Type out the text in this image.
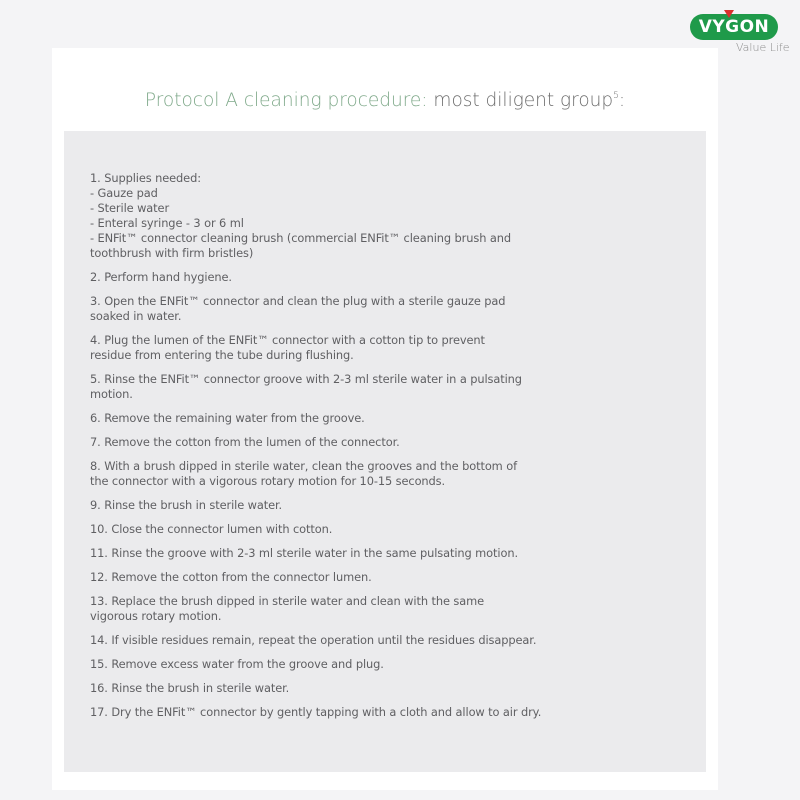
VYGON
Value Life
Protocol A cleaning procedure: most diligent group$^5$:
1. Supplies needed:
- Gauze pad
- Sterile water
- Enteral syringe - 3 or 6 ml
- ENFit™ connector cleaning brush (commercial ENFit™ cleaning brush and
toothbrush with firm bristles)
2. Perform hand hygiene.
3. Open the ENFit™ connector and clean the plug with a sterile gauze pad
soaked in water.
4. Plug the lumen of the ENFit™ connector with a cotton tip to prevent
residue from entering the tube during flushing.
5. Rinse the ENFit™ connector groove with 2-3 ml sterile water in a pulsating
motion.
6. Remove the remaining water from the groove.
7. Remove the cotton from the lumen of the connector.
8. With a brush dipped in sterile water, clean the grooves and the bottom of
the connector with a vigorous rotary motion for 10-15 seconds.
9. Rinse the brush in sterile water.
10. Close the connector lumen with cotton.
11. Rinse the groove with 2-3 ml sterile water in the same pulsating motion.
12. Remove the cotton from the connector lumen.
13. Replace the brush dipped in sterile water and clean with the same
vigorous rotary motion.
14. If visible residues remain, repeat the operation until the residues disappear.
15. Remove excess water from the groove and plug.
16. Rinse the brush in sterile water.
17. Dry the ENFit™ connector by gently tapping with a cloth and allow to air dry.
